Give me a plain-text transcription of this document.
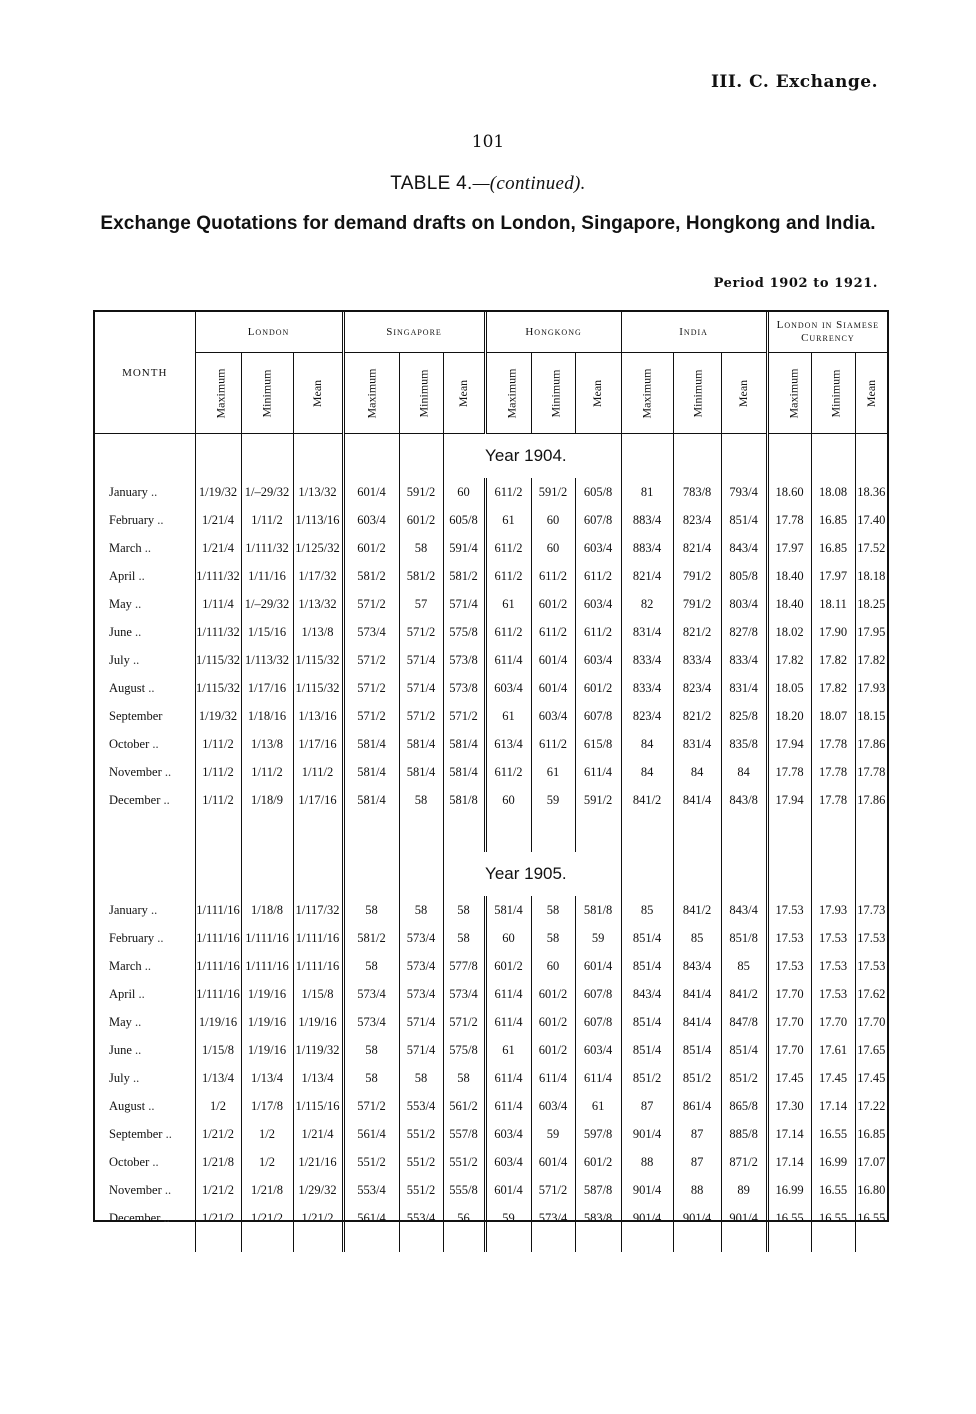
III. C. Exchange.
101
TABLE 4.—(continued).
Exchange Quotations for demand drafts on London, Singapore, Hongkong and India.
Period 1902 to 1921.
MONTH	London			Singapore			Hongkong			India			London in Siamese Currency		
	Maximum	Minimum	Mean	Maximum	Minimum	Mean	Maximum	Minimum	Mean	Maximum	Minimum	Mean	Maximum	Minimum	Mean
							Year 1904.								
January ..	1/19/32	1/–29/32	1/13/32	601/4	591/2	60	611/2	591/2	605/8	81	783/8	793/4	18.60	18.08	18.36
February ..	1/21/4	1/11/2	1/113/16	603/4	601/2	605/8	61	60	607/8	883/4	823/4	851/4	17.78	16.85	17.40
March ..	1/21/4	1/111/32	1/125/32	601/2	58	591/4	611/2	60	603/4	883/4	821/4	843/4	17.97	16.85	17.52
April ..	1/111/32	1/11/16	1/17/32	581/2	581/2	581/2	611/2	611/2	611/2	821/4	791/2	805/8	18.40	17.97	18.18
May ..	1/11/4	1/–29/32	1/13/32	571/2	57	571/4	61	601/2	603/4	82	791/2	803/4	18.40	18.11	18.25
June ..	1/111/32	1/15/16	1/13/8	573/4	571/2	575/8	611/2	611/2	611/2	831/4	821/2	827/8	18.02	17.90	17.95
July ..	1/115/32	1/113/32	1/115/32	571/2	571/4	573/8	611/4	601/4	603/4	833/4	833/4	833/4	17.82	17.82	17.82
August ..	1/115/32	1/17/16	1/115/32	571/2	571/4	573/8	603/4	601/4	601/2	833/4	823/4	831/4	18.05	17.82	17.93
September	1/19/32	1/18/16	1/13/16	571/2	571/2	571/2	61	603/4	607/8	823/4	821/2	825/8	18.20	18.07	18.15
October ..	1/11/2	1/13/8	1/17/16	581/4	581/4	581/4	613/4	611/2	615/8	84	831/4	835/8	17.94	17.78	17.86
November ..	1/11/2	1/11/2	1/11/2	581/4	581/4	581/4	611/2	61	611/4	84	84	84	17.78	17.78	17.78
December ..	1/11/2	1/18/9	1/17/16	581/4	58	581/8	60	59	591/2	841/2	841/4	843/8	17.94	17.78	17.86

							Year 1905.								
January ..	1/111/16	1/18/8	1/117/32	58	58	58	581/4	58	581/8	85	841/2	843/4	17.53	17.93	17.73
February ..	1/111/16	1/111/16	1/111/16	581/2	573/4	58	60	58	59	851/4	85	851/8	17.53	17.53	17.53
March ..	1/111/16	1/111/16	1/111/16	58	573/4	577/8	601/2	60	601/4	851/4	843/4	85	17.53	17.53	17.53
April ..	1/111/16	1/19/16	1/15/8	573/4	573/4	573/4	611/4	601/2	607/8	843/4	841/4	841/2	17.70	17.53	17.62
May ..	1/19/16	1/19/16	1/19/16	573/4	571/4	571/2	611/4	601/2	607/8	851/4	841/4	847/8	17.70	17.70	17.70
June ..	1/15/8	1/19/16	1/119/32	58	571/4	575/8	61	601/2	603/4	851/4	851/4	851/4	17.70	17.61	17.65
July ..	1/13/4	1/13/4	1/13/4	58	58	58	611/4	611/4	611/4	851/2	851/2	851/2	17.45	17.45	17.45
August ..	1/2	1/17/8	1/115/16	571/2	553/4	561/2	611/4	603/4	61	87	861/4	865/8	17.30	17.14	17.22
September ..	1/21/2	1/2	1/21/4	561/4	551/2	557/8	603/4	59	597/8	901/4	87	885/8	17.14	16.55	16.85
October ..	1/21/8	1/2	1/21/16	551/2	551/2	551/2	603/4	601/4	601/2	88	87	871/2	17.14	16.99	17.07
November ..	1/21/2	1/21/8	1/29/32	553/4	551/2	555/8	601/4	571/2	587/8	901/4	88	89	16.99	16.55	16.80
December ..	1/21/2	1/21/2	1/21/2	561/4	553/4	56	59	573/4	583/8	901/4	901/4	901/4	16.55	16.55	16.55
